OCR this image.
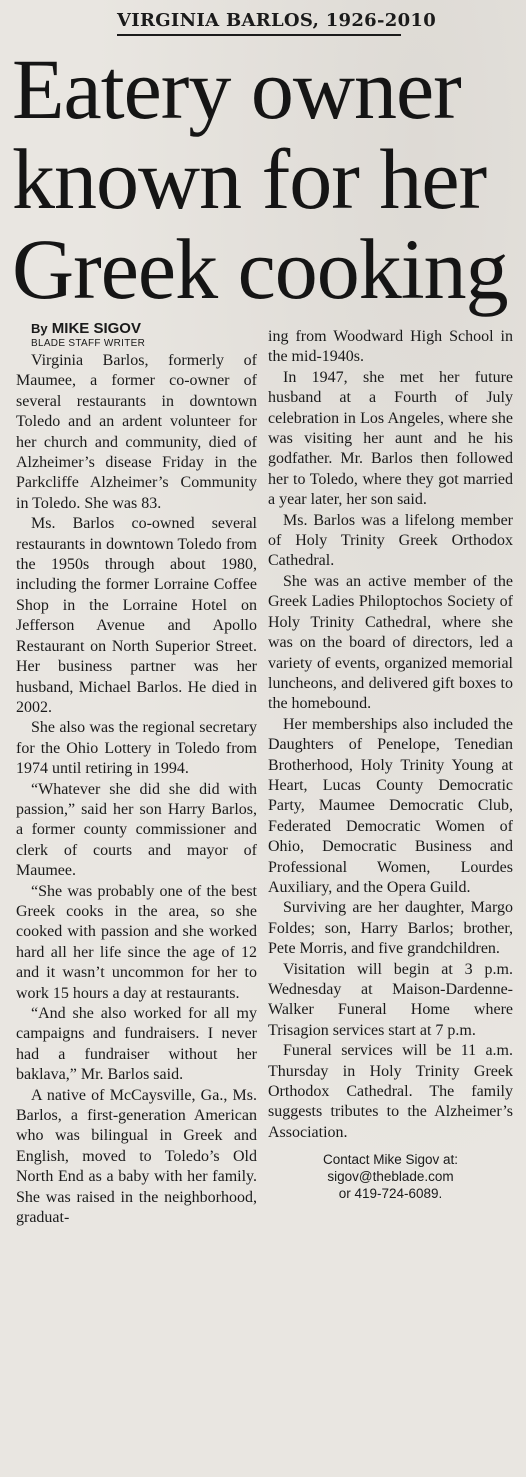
VIRGINIA BARLOS, 1926-2010
Eatery owner
known for her
Greek cooking

By MIKE SIGOV

BLADE STAFF WRITER

Virginia Barlos, formerly of Maumee, a former co-owner of several restaurants in downtown Toledo and an ardent volunteer for her church and community, died of Alzheimer’s disease Friday in the Parkcliffe Alzheimer’s Community in Toledo. She was 83.

Ms. Barlos co-owned several restaurants in downtown Toledo from the 1950s through about 1980, including the former Lorraine Coffee Shop in the Lorraine Hotel on Jefferson Avenue and Apollo Restaurant on North Superior Street. Her business partner was her husband, Michael Barlos. He died in 2002.

She also was the regional secretary for the Ohio Lottery in Toledo from 1974 until retiring in 1994.

“Whatever she did she did with passion,” said her son Harry Barlos, a former county commissioner and clerk of courts and mayor of Maumee.

“She was probably one of the best Greek cooks in the area, so she cooked with passion and she worked hard all her life since the age of 12 and it wasn’t uncommon for her to work 15 hours a day at restaurants.

“And she also worked for all my campaigns and fundraisers. I never had a fundraiser without her baklava,” Mr. Barlos said.

A native of McCaysville, Ga., Ms. Barlos, a first-generation American who was bilingual in Greek and English, moved to Toledo’s Old North End as a baby with her family. She was raised in the neighborhood, graduat-

ing from Woodward High School in the mid-1940s.

In 1947, she met her future husband at a Fourth of July celebration in Los Angeles, where she was visiting her aunt and he his godfather. Mr. Barlos then followed her to Toledo, where they got married a year later, her son said.

Ms. Barlos was a lifelong member of Holy Trinity Greek Orthodox Cathedral.

She was an active member of the Greek Ladies Philoptochos Society of Holy Trinity Cathedral, where she was on the board of directors, led a variety of events, organized memorial luncheons, and delivered gift boxes to the homebound.

Her memberships also included the Daughters of Penelope, Tenedian Brotherhood, Holy Trinity Young at Heart, Lucas County Democratic Party, Maumee Democratic Club, Federated Democratic Women of Ohio, Democratic Business and Professional Women, Lourdes Auxiliary, and the Opera Guild.

Surviving are her daughter, Margo Foldes; son, Harry Barlos; brother, Pete Morris, and five grandchildren.

Visitation will begin at 3 p.m. Wednesday at Maison-Dardenne-Walker Funeral Home where Trisagion services start at 7 p.m.

Funeral services will be 11 a.m. Thursday in Holy Trinity Greek Orthodox Cathedral. The family suggests tributes to the Alzheimer’s Association.

Contact Mike Sigov at:
sigov@theblade.com
or 419-724-6089.
